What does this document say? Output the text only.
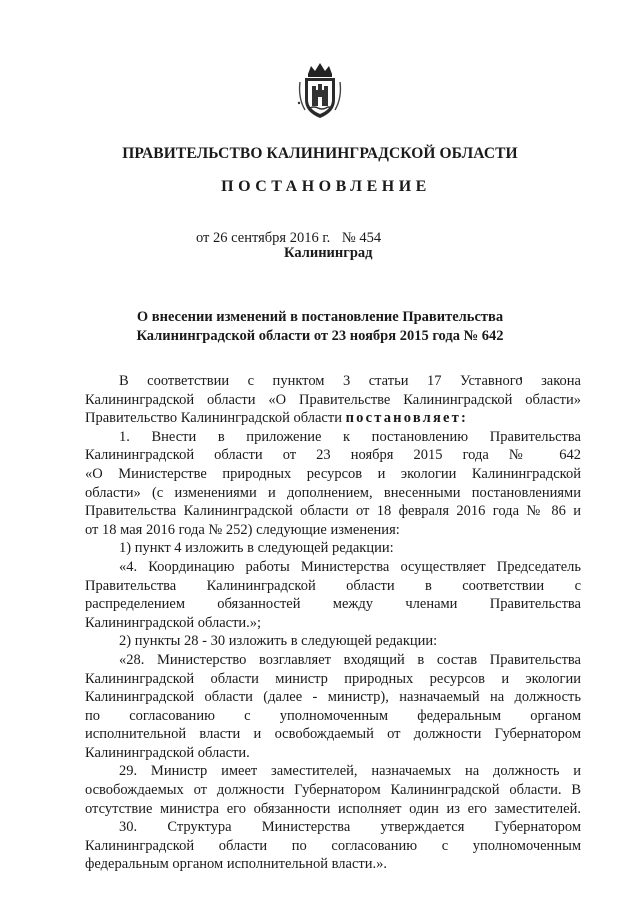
ПРАВИТЕЛЬСТВО КАЛИНИНГРАДСКОЙ ОБЛАСТИ
ПОСТАНОВЛЕНИЕ
от 26 сентября 2016 г. № 454
Калининград
О внесении изменений в постановление Правительства
Калининградской области от 23 ноября 2015 года № 642
В соответствии с пунктом 3 статьи 17 Уставного закона
Калининградской области «О Правительстве Калининградской области»
Правительство Калининградской области постановляет:
1. Внести в приложение к постановлению Правительства
Калининградской области от 23 ноября 2015 года № 642
«О Министерстве природных ресурсов и экологии Калининградской
области» (с изменениями и дополнением, внесенными постановлениями
Правительства Калининградской области от 18 февраля 2016 года № 86 и
от 18 мая 2016 года № 252) следующие изменения:
1) пункт 4 изложить в следующей редакции:
«4. Координацию работы Министерства осуществляет Председатель
Правительства Калининградской области в соответствии с
распределением обязанностей между членами Правительства
Калининградской области.»;
2) пункты 28 - 30 изложить в следующей редакции:
«28. Министерство возглавляет входящий в состав Правительства
Калининградской области министр природных ресурсов и экологии
Калининградской области (далее - министр), назначаемый на должность
по согласованию с уполномоченным федеральным органом
исполнительной власти и освобождаемый от должности Губернатором
Калининградской области.
29. Министр имеет заместителей, назначаемых на должность и
освобождаемых от должности Губернатором Калининградской области. В
отсутствие министра его обязанности исполняет один из его заместителей.
30. Структура Министерства утверждается Губернатором
Калининградской области по согласованию с уполномоченным
федеральным органом исполнительной власти.».
